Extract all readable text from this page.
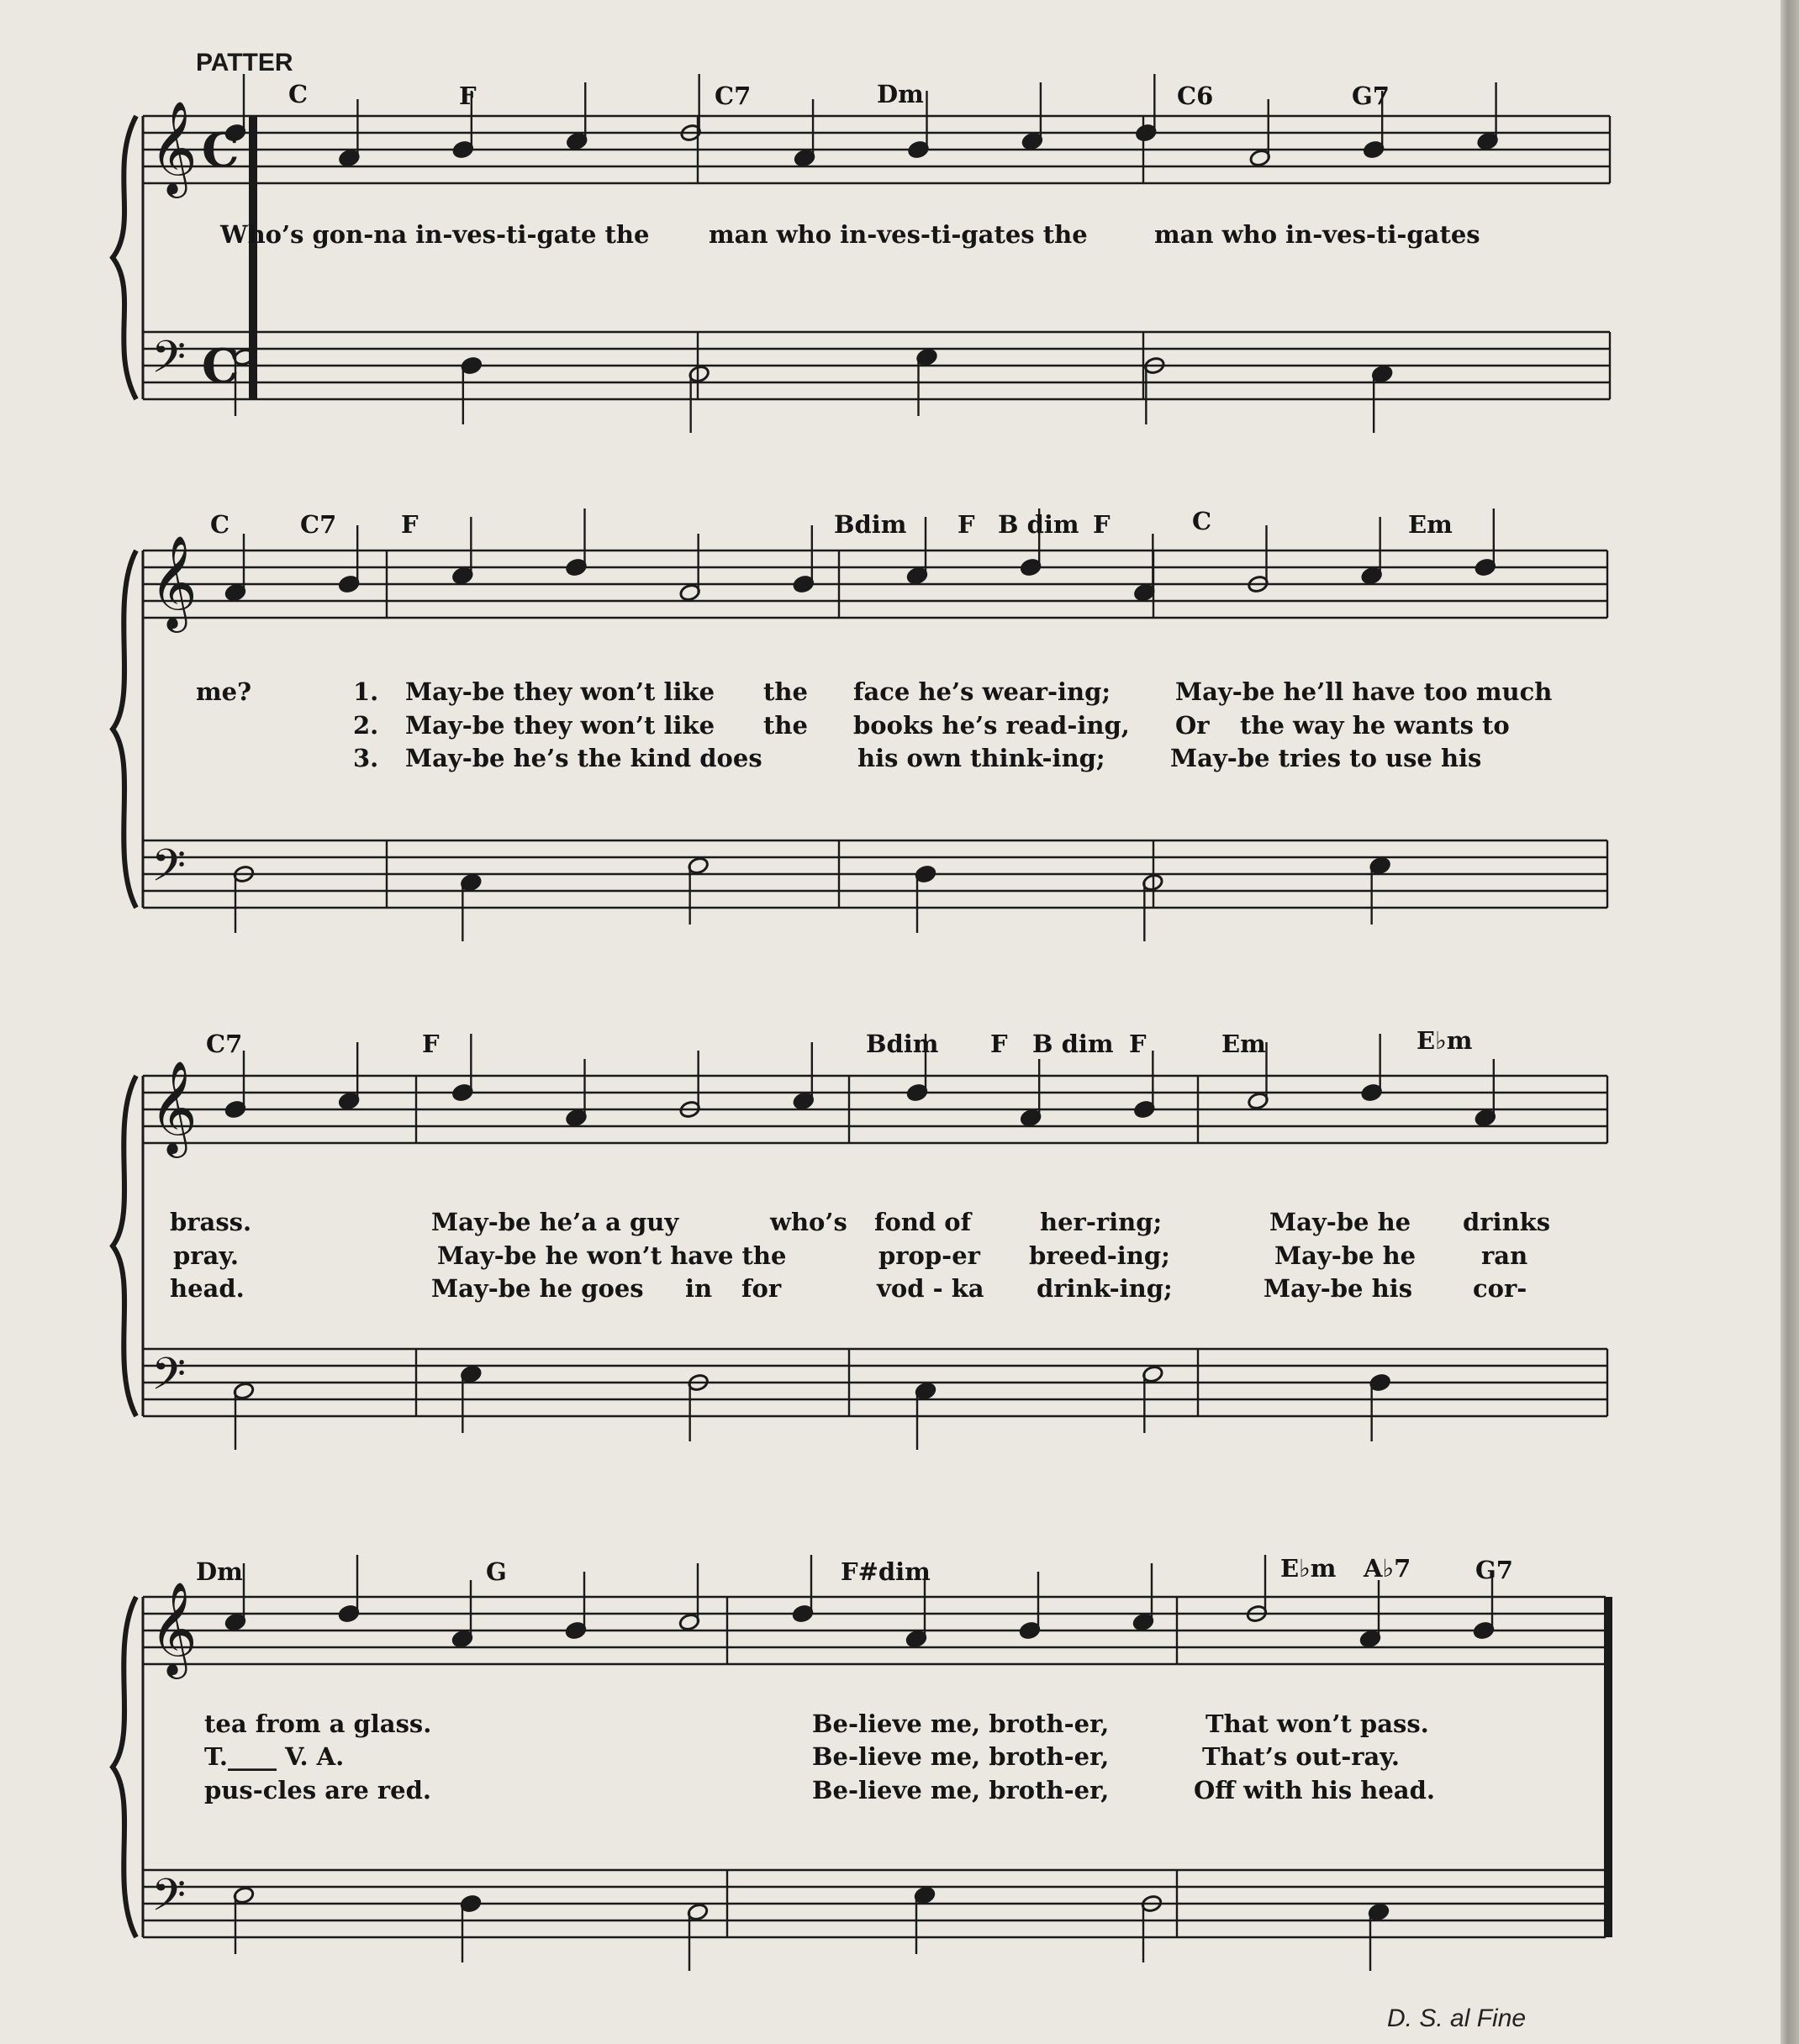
𝄞
𝄢
𝄞
𝄢
𝄞
𝄢
𝄞
𝄢
C
C
PATTER
C	F	C7	Dm	C6	G7
Who’s gon-na in-ves-ti-gate the man who in-ves-ti-gates the	man who in-ves-ti-gates
C	C7	F	Bdim F B dim F	C	Em
me?	1.
2.
3.
May-be they won’t like the face he’s wear-ing;	May-be he’ll have too much
May-be they won’t like the books he’s read-ing, Or the way he wants to
May-be he’s the kind does	his own think-ing;	May-be tries to use his
C7	F	Bdim F B dim F	Em	E♭m
brass.	May-be he’a a guy	who’s fond of	her-ring;	May-be he drinks
pray.	May-be he won’t have the	prop-er breed-ing;	May-be he	ran
head.	May-be he goes in for	vod - ka drink-ing;	May-be his cor-
Dm	G	F#dim	E♭m A♭7	G7
tea from a glass.	Be-lieve me, broth-er,	That won’t pass.
T.____ V. A.	Be-lieve me, broth-er,	That’s out-ray.
pus-cles are red.	Be-lieve me, broth-er,	Off with his head.
D. S. al Fine
